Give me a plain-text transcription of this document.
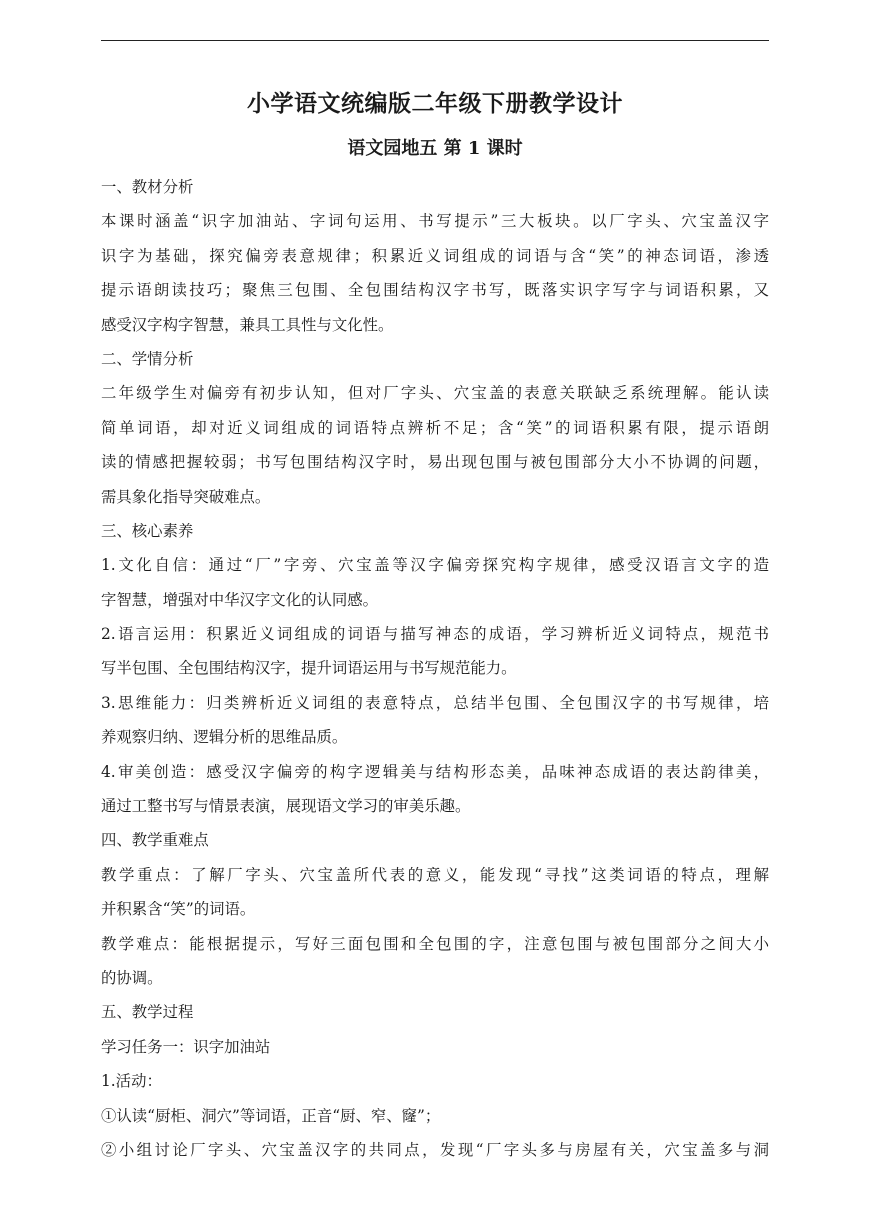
小学语文统编版二年级下册教学设计
语文园地五 第 1 课时
一、教材分析
本课时涵盖“识字加油站、字词句运用、书写提示”三大板块。以厂字头、穴宝盖汉字
识字为基础，探究偏旁表意规律；积累近义词组成的词语与含“笑”的神态词语，渗透
提示语朗读技巧；聚焦三包围、全包围结构汉字书写，既落实识字写字与词语积累，又
感受汉字构字智慧，兼具工具性与文化性。
二、学情分析
二年级学生对偏旁有初步认知，但对厂字头、穴宝盖的表意关联缺乏系统理解。能认读
简单词语，却对近义词组成的词语特点辨析不足；含“笑”的词语积累有限，提示语朗
读的情感把握较弱；书写包围结构汉字时，易出现包围与被包围部分大小不协调的问题，
需具象化指导突破难点。
三、核心素养
1.文化自信：通过“厂”字旁、穴宝盖等汉字偏旁探究构字规律，感受汉语言文字的造
字智慧，增强对中华汉字文化的认同感。
2.语言运用：积累近义词组成的词语与描写神态的成语，学习辨析近义词特点，规范书
写半包围、全包围结构汉字，提升词语运用与书写规范能力。
3.思维能力：归类辨析近义词组的表意特点，总结半包围、全包围汉字的书写规律，培
养观察归纳、逻辑分析的思维品质。
4.审美创造：感受汉字偏旁的构字逻辑美与结构形态美，品味神态成语的表达韵律美，
通过工整书写与情景表演，展现语文学习的审美乐趣。
四、教学重难点
教学重点：了解厂字头、穴宝盖所代表的意义，能发现“寻找”这类词语的特点，理解
并积累含“笑”的词语。
教学难点：能根据提示，写好三面包围和全包围的字，注意包围与被包围部分之间大小
的协调。
五、教学过程
学习任务一：识字加油站
1.活动：
①认读“厨柜、洞穴”等词语，正音“厨、窄、窿”；
②小组讨论厂字头、穴宝盖汉字的共同点，发现“厂字头多与房屋有关，穴宝盖多与洞
